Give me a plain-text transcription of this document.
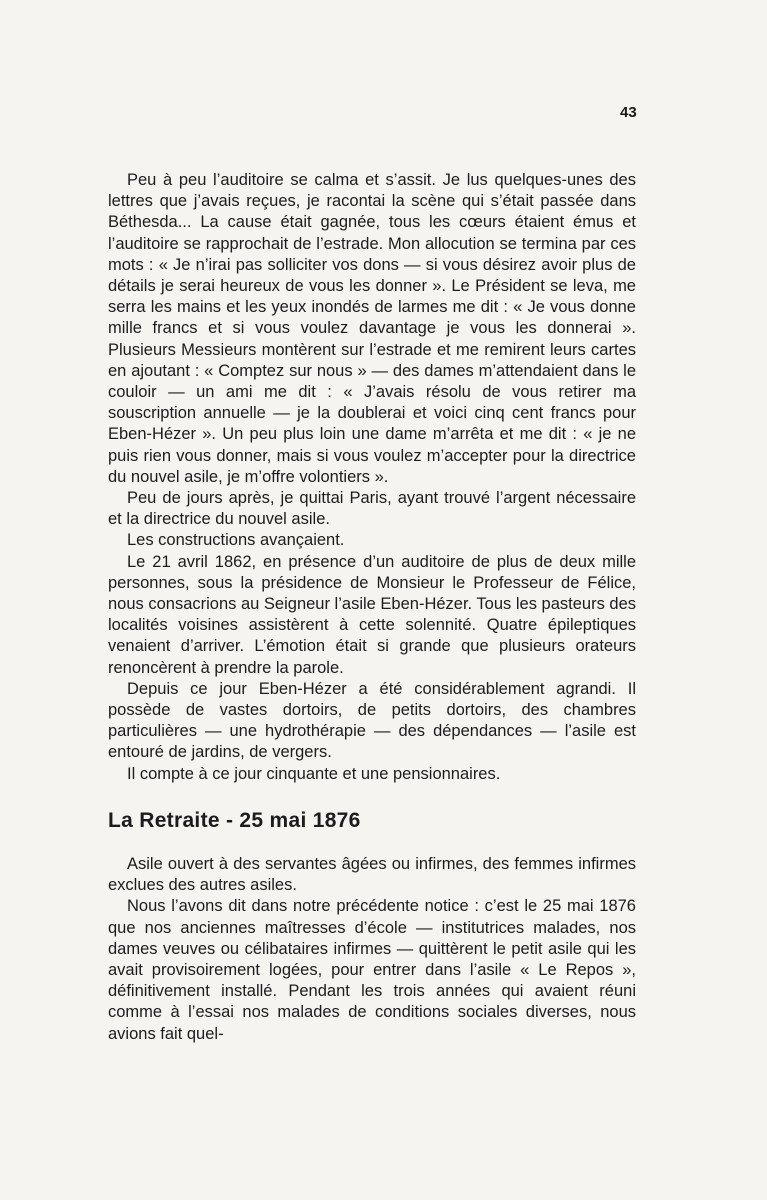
43

Peu à peu l’auditoire se calma et s’assit. Je lus quelques-unes des lettres que j’avais reçues, je racontai la scène qui s’était passée dans Béthesda... La cause était gagnée, tous les cœurs étaient émus et l’auditoire se rapprochait de l’estrade. Mon allocution se termina par ces mots : « Je n’irai pas solliciter vos dons — si vous désirez avoir plus de détails je serai heureux de vous les donner ». Le Président se leva, me serra les mains et les yeux inondés de larmes me dit : « Je vous donne mille francs et si vous voulez davantage je vous les donnerai ». Plusieurs Messieurs montèrent sur l’estrade et me remirent leurs cartes en ajoutant : « Comptez sur nous » — des dames m’attendaient dans le couloir — un ami me dit : « J’avais résolu de vous retirer ma souscription annuelle — je la doublerai et voici cinq cent francs pour Eben-Hézer ». Un peu plus loin une dame m’arrêta et me dit : « je ne puis rien vous donner, mais si vous voulez m’accepter pour la directrice du nouvel asile, je m’offre volontiers ».

Peu de jours après, je quittai Paris, ayant trouvé l’argent nécessaire et la directrice du nouvel asile.

Les constructions avançaient.

Le 21 avril 1862, en présence d’un auditoire de plus de deux mille personnes, sous la présidence de Monsieur le Professeur de Félice, nous consacrions au Seigneur l’asile Eben-Hézer. Tous les pasteurs des localités voisines assistèrent à cette solennité. Quatre épileptiques venaient d’arriver. L’émotion était si grande que plusieurs orateurs renoncèrent à prendre la parole.

Depuis ce jour Eben-Hézer a été considérablement agrandi. Il possède de vastes dortoirs, de petits dortoirs, des chambres particulières — une hydrothérapie — des dépendances — l’asile est entouré de jardins, de vergers.

Il compte à ce jour cinquante et une pensionnaires.

La Retraite - 25 mai 1876

Asile ouvert à des servantes âgées ou infirmes, des femmes infirmes exclues des autres asiles.

Nous l’avons dit dans notre précédente notice : c’est le 25 mai 1876 que nos anciennes maîtresses d’école — institutrices malades, nos dames veuves ou célibataires infirmes — quittèrent le petit asile qui les avait provisoirement logées, pour entrer dans l’asile « Le Repos », définitivement installé. Pendant les trois années qui avaient réuni comme à l’essai nos malades de conditions sociales diverses, nous avions fait quel-
